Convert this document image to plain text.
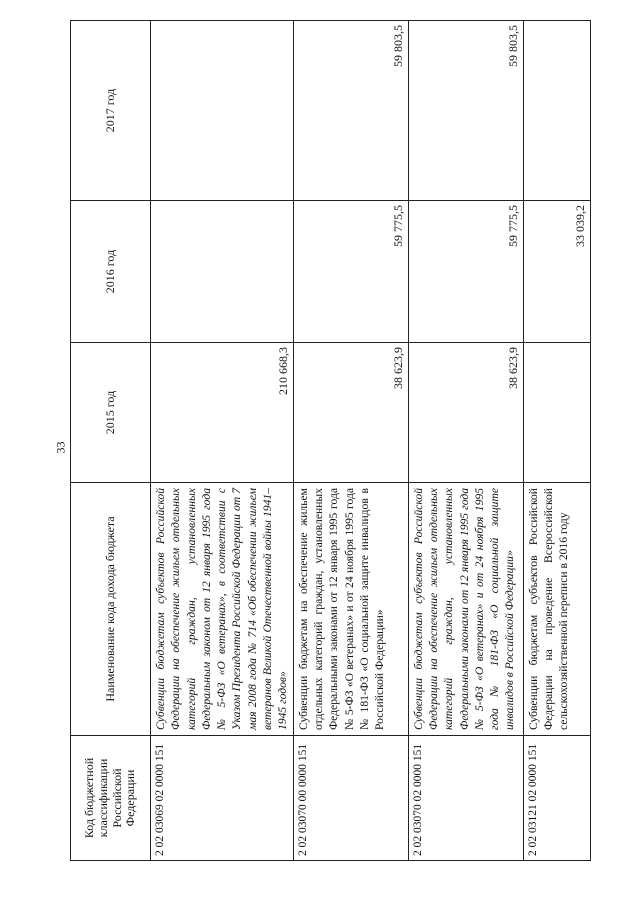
33
Код бюджетной классификации Российской Федерации	Наименование кода дохода бюджета	2015 год	2016 год	2017 год
2 02 03069 02 0000 151	Субвенции бюджетам субъектов Российской Федерации на обеспечение жильем отдельных категорий граждан, установленных Федеральным законом от 12 января 1995 года № 5-ФЗ «О ветеранах», в соответствии с Указом Президента Российской Федерации от 7 мая 2008 года № 714 «Об обеспечении жильем ветеранов Великой Отечественной войны 1941–1945 годов»	210 668,3		
2 02 03070 00 0000 151	Субвенции бюджетам на обеспечение жильем отдельных категорий граждан, установленных Федеральными законами от 12 января 1995 года № 5-ФЗ «О ветеранах» и от 24 ноября 1995 года № 181-ФЗ «О социальной защите инвалидов в Российской Федерации»	38 623,9	59 775,5	59 803,5
2 02 03070 02 0000 151	Субвенции бюджетам субъектов Российской Федерации на обеспечение жильем отдельных категорий граждан, установленных Федеральными законами от 12 января 1995 года № 5-ФЗ «О ветеранах» и от 24 ноября 1995 года № 181-ФЗ «О социальной защите инвалидов в Российской Федерации»	38 623,9	59 775,5	59 803,5
2 02 03121 02 0000 151	Субвенции бюджетам субъектов Российской Федерации на проведение Всероссийской сельскохозяйственной переписи в 2016 году		33 039,2	
